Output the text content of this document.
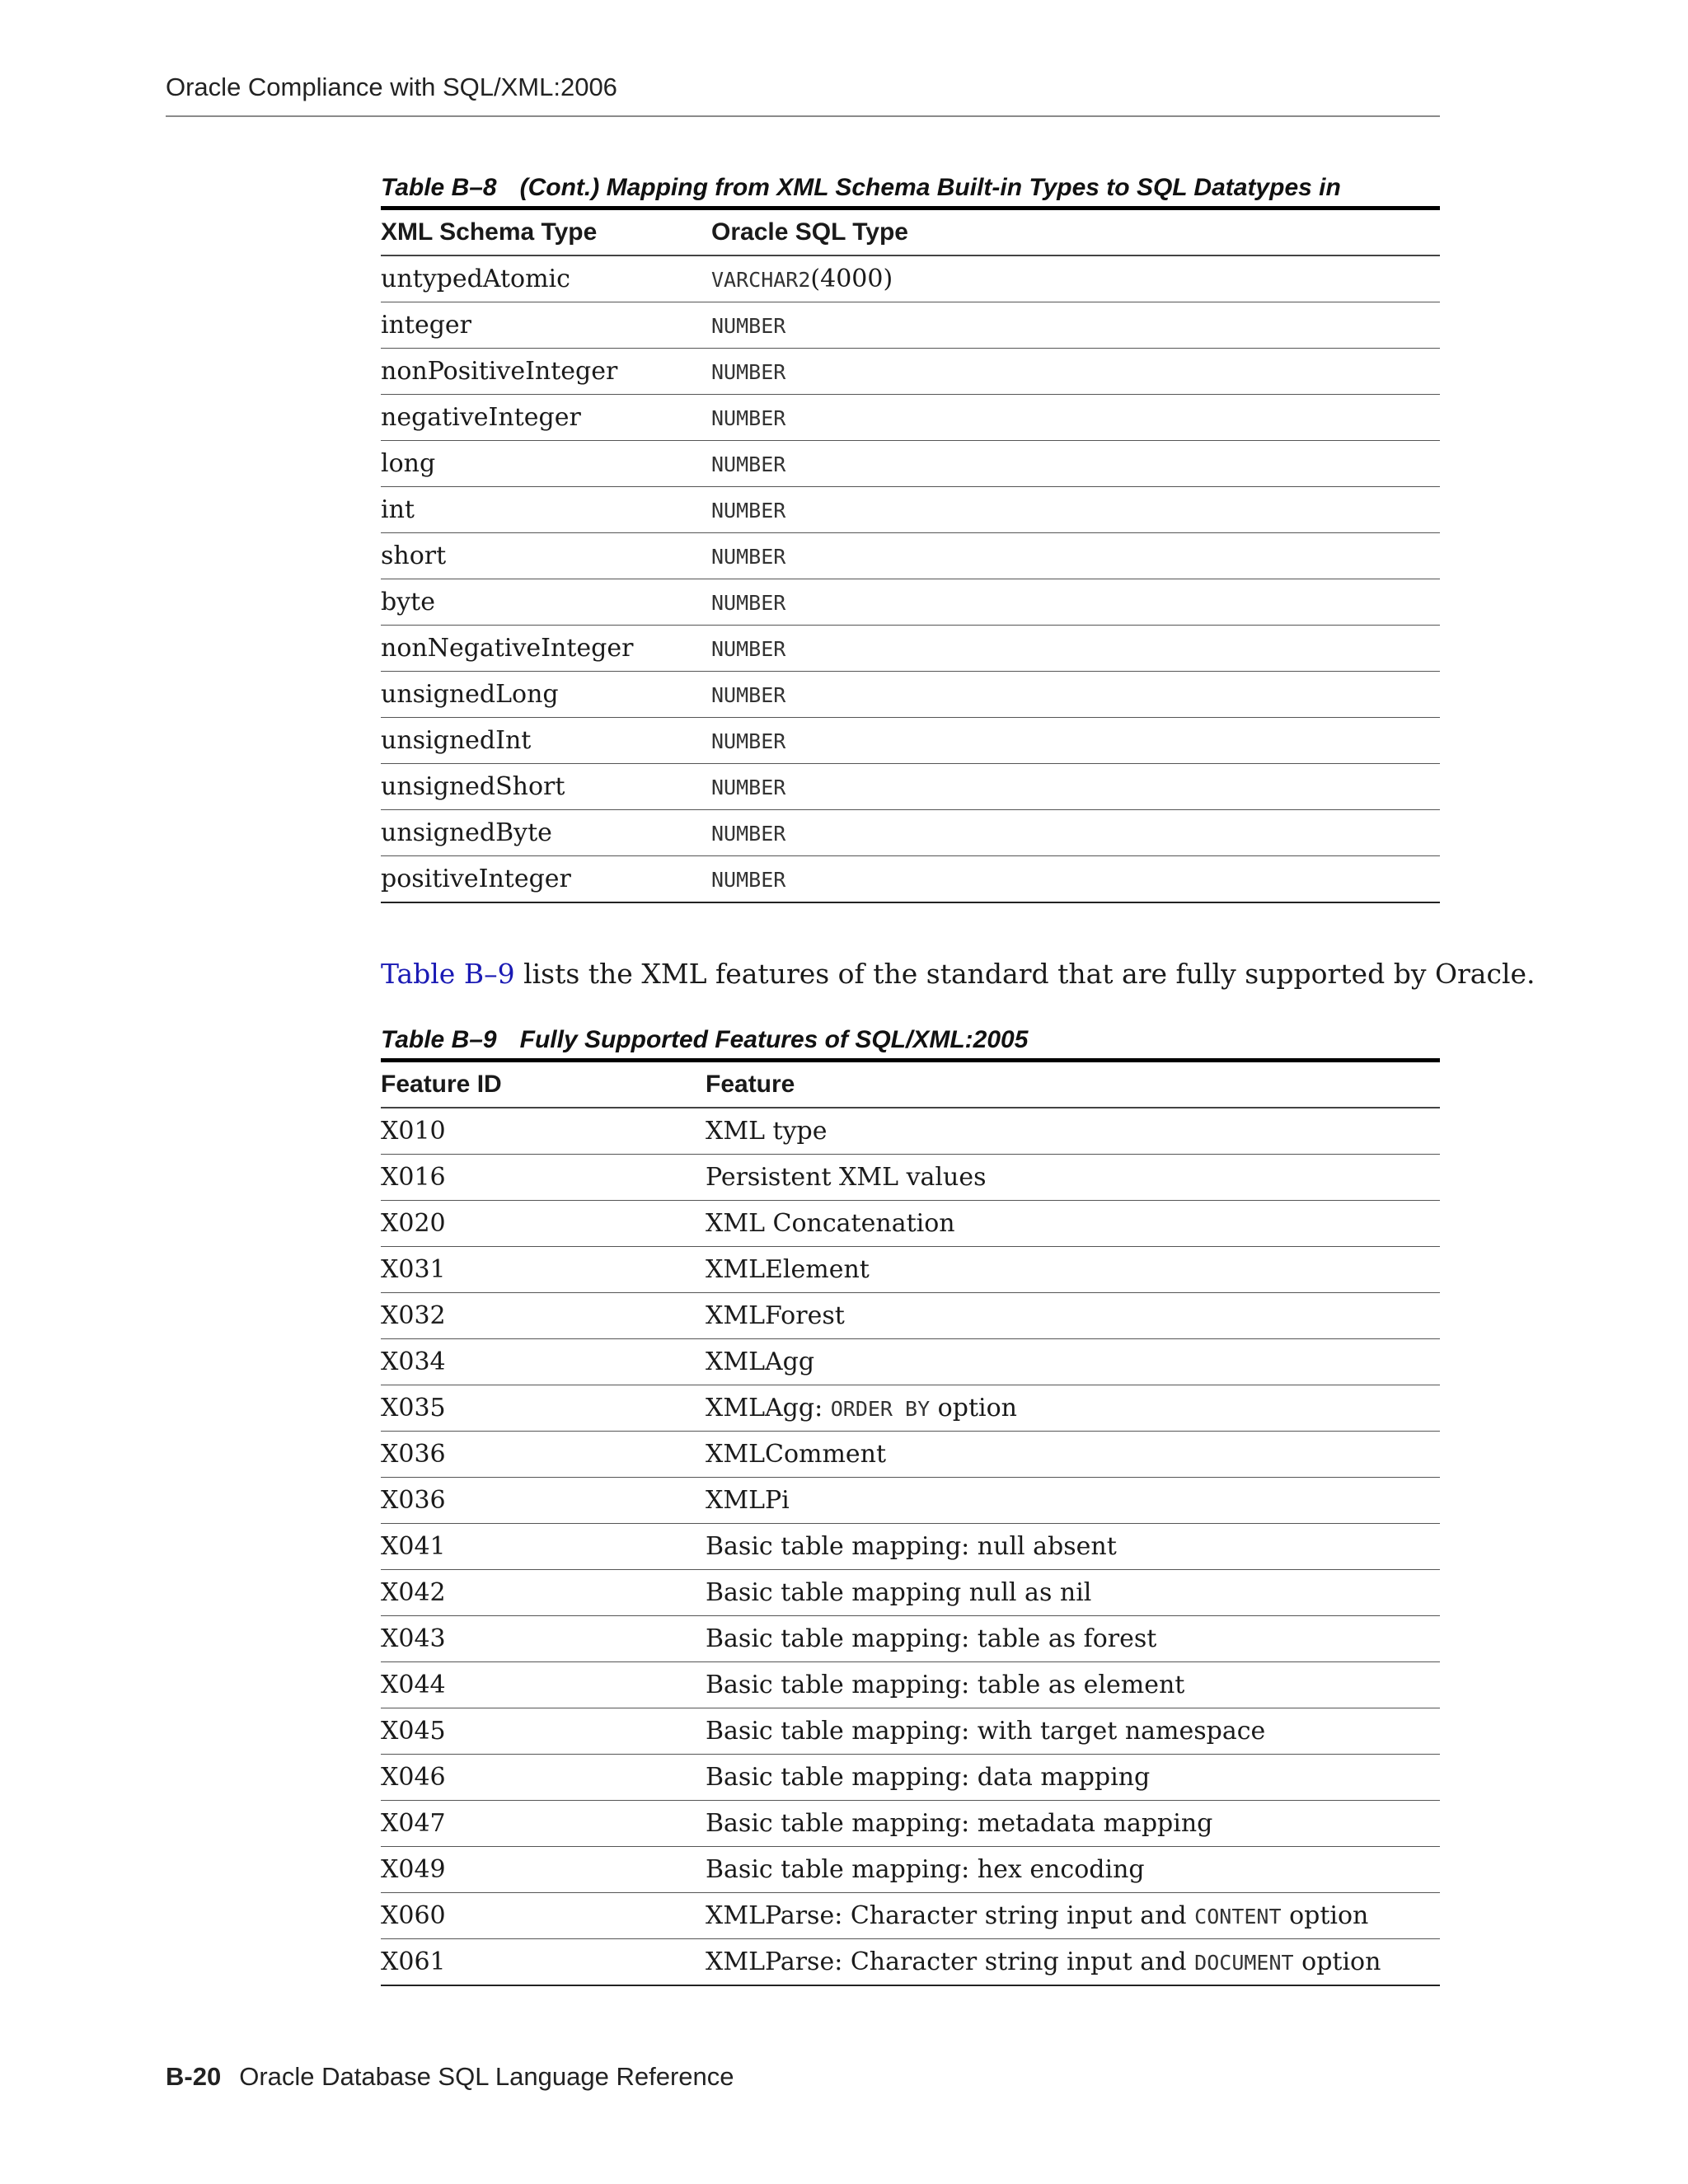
Oracle Compliance with SQL/XML:2006
Table B–8 (Cont.) Mapping from XML Schema Built-in Types to SQL Datatypes in
XML Schema Type	Oracle SQL Type
untypedAtomic	VARCHAR2(4000)
integer	NUMBER
nonPositiveInteger	NUMBER
negativeInteger	NUMBER
long	NUMBER
int	NUMBER
short	NUMBER
byte	NUMBER
nonNegativeInteger	NUMBER
unsignedLong	NUMBER
unsignedInt	NUMBER
unsignedShort	NUMBER
unsignedByte	NUMBER
positiveInteger	NUMBER
Table B–9 lists the XML features of the standard that are fully supported by Oracle.
Table B–9 Fully Supported Features of SQL/XML:2005
Feature ID	Feature
X010	XML type
X016	Persistent XML values
X020	XML Concatenation
X031	XMLElement
X032	XMLForest
X034	XMLAgg
X035	XMLAgg: ORDER BY option
X036	XMLComment
X036	XMLPi
X041	Basic table mapping: null absent
X042	Basic table mapping null as nil
X043	Basic table mapping: table as forest
X044	Basic table mapping: table as element
X045	Basic table mapping: with target namespace
X046	Basic table mapping: data mapping
X047	Basic table mapping: metadata mapping
X049	Basic table mapping: hex encoding
X060	XMLParse: Character string input and CONTENT option
X061	XMLParse: Character string input and DOCUMENT option
B-20 Oracle Database SQL Language Reference
